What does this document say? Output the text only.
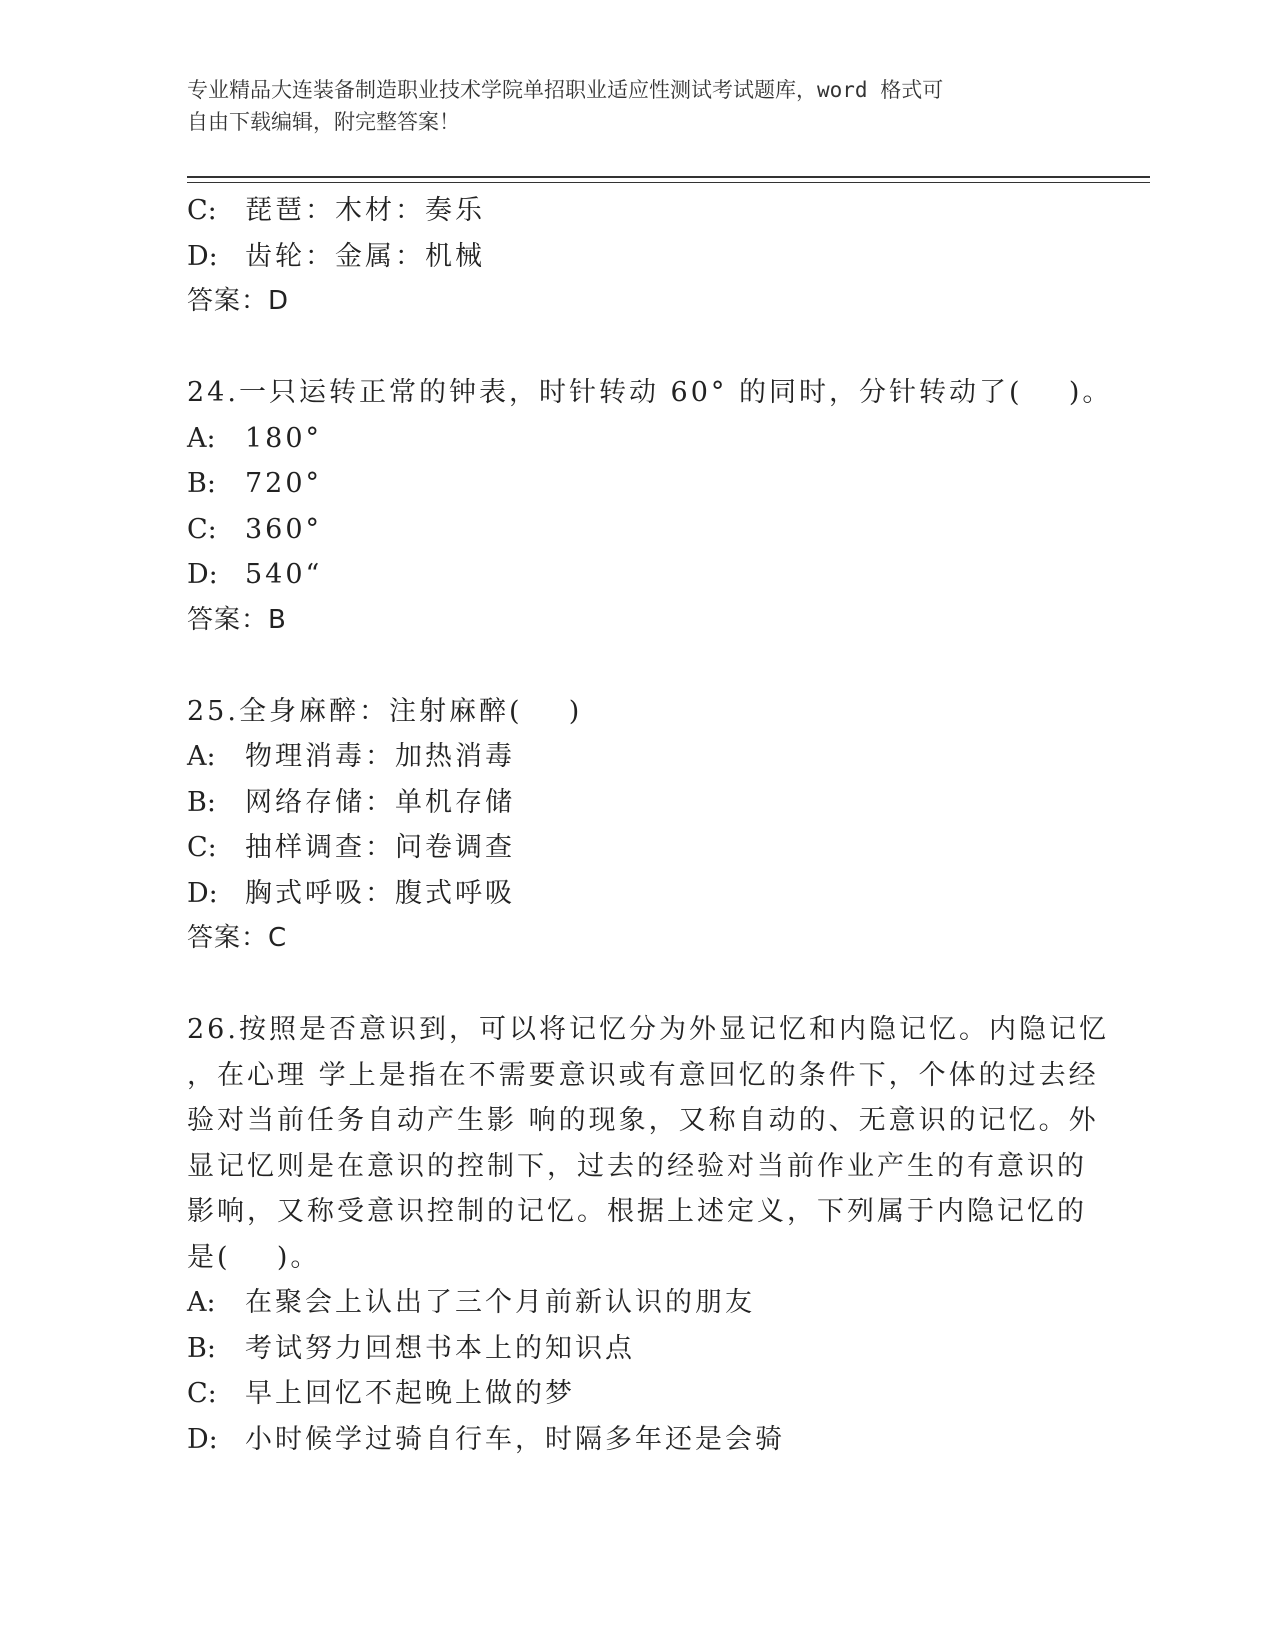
专业精品大连装备制造职业技术学院单招职业适应性测试考试题库，word 格式可
自由下载编辑，附完整答案！
C:	琵琶：木材：奏乐
D:	齿轮：金属：机械
答案：D
24.一只运转正常的钟表，时针转动 60° 的同时，分针转动了(    )。
A:	180°
B:	720°
C:	360°
D:	540“
答案：B
25.全身麻醉：注射麻醉(    )
A:	物理消毒：加热消毒
B:	网络存储：单机存储
C:	抽样调查：问卷调查
D:	胸式呼吸：腹式呼吸
答案：C
26.按照是否意识到，可以将记忆分为外显记忆和内隐记忆。内隐记忆
，在心理 学上是指在不需要意识或有意回忆的条件下，个体的过去经
验对当前任务自动产生影 响的现象，又称自动的、无意识的记忆。外
显记忆则是在意识的控制下，过去的经验对当前作业产生的有意识的
影响，又称受意识控制的记忆。根据上述定义，下列属于内隐记忆的
是(    )。
A:	在聚会上认出了三个月前新认识的朋友
B:	考试努力回想书本上的知识点
C:	早上回忆不起晚上做的梦
D:	小时候学过骑自行车，时隔多年还是会骑
